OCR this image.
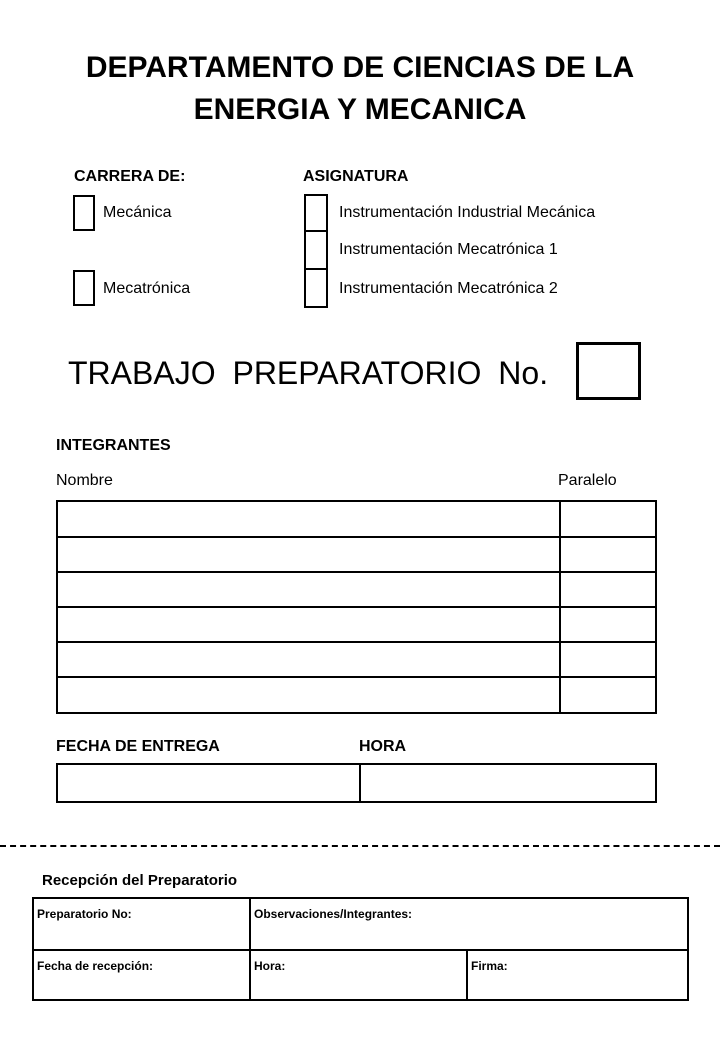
DEPARTAMENTO DE CIENCIAS DE LA
ENERGIA Y MECANICA
CARRERA DE:
Mecánica
Mecatrónica
ASIGNATURA
Instrumentación Industrial Mecánica
Instrumentación Mecatrónica 1
Instrumentación Mecatrónica 2
TRABAJO PREPARATORIO No.
INTEGRANTES
Nombre	Paralelo

FECHA DE ENTREGA	HORA

Recepción del Preparatorio
Preparatorio No:	Observaciones/Integrantes:	
Fecha de recepción:	Hora:	Firma:
